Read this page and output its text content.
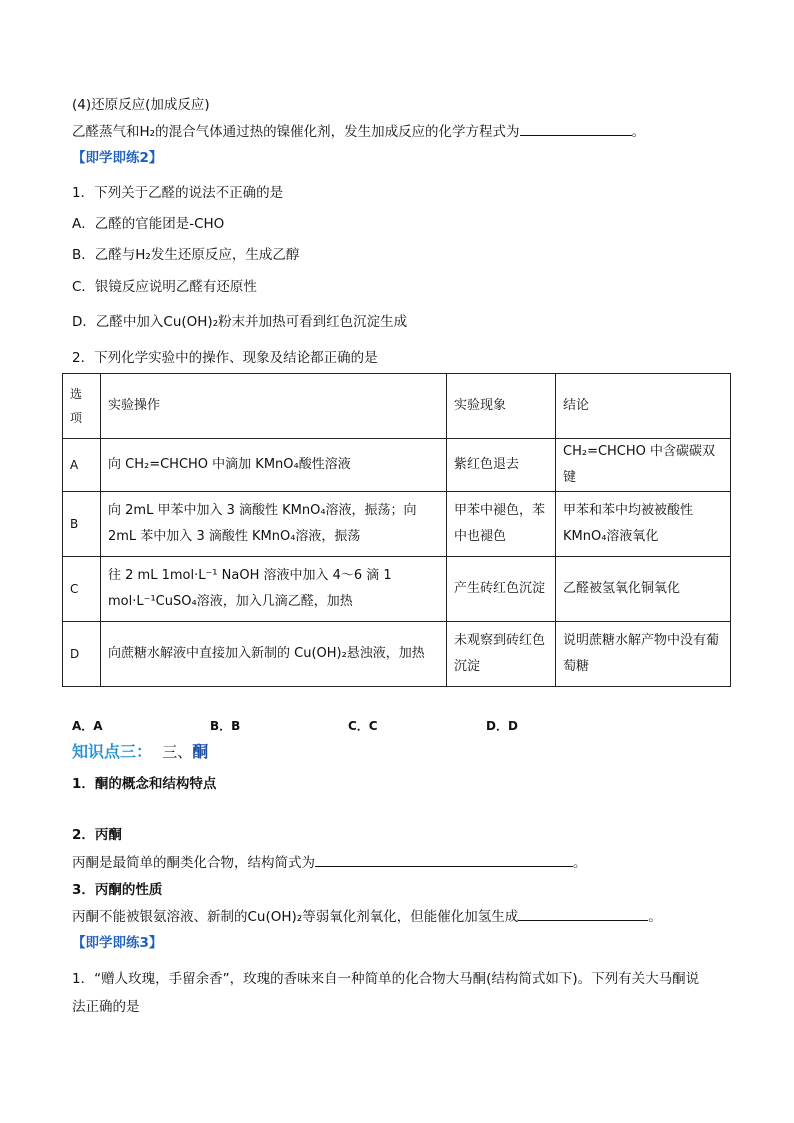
(4)还原反应(加成反应)
乙醛蒸气和H₂的混合气体通过热的镍催化剂，发生加成反应的化学方程式为	。
【即学即练2】
1．下列关于乙醛的说法不正确的是
A．乙醛的官能团是-CHO
B．乙醛与H₂发生还原反应，生成乙醇
C．银镜反应说明乙醛有还原性
D．乙醛中加入Cu(OH)₂粉末并加热可看到红色沉淀生成
2．下列化学实验中的操作、现象及结论都正确的是
选项	实验操作	实验现象	结论
A	向 CH₂=CHCHO 中滴加 KMnO₄酸性溶液	紫红色退去	CH₂=CHCHO 中含碳碳双键
B	向 2mL 甲苯中加入 3 滴酸性 KMnO₄溶液，振荡；向 2mL 苯中加入 3 滴酸性 KMnO₄溶液，振荡	甲苯中褪色，苯中也褪色	甲苯和苯中均被被酸性 KMnO₄溶液氧化
C	往 2 mL 1mol·L⁻¹ NaOH 溶液中加入 4～6 滴 1 mol·L⁻¹CuSO₄溶液，加入几滴乙醛，加热	产生砖红色沉淀	乙醛被氢氧化铜氧化
D	向蔗糖水解液中直接加入新制的 Cu(OH)₂悬浊液，加热	未观察到砖红色沉淀	说明蔗糖水解产物中没有葡萄糖
A．A	B．B	C．C	D．D
知识点三： 三、酮
1．酮的概念和结构特点
2．丙酮
丙酮是最简单的酮类化合物，结构简式为	。
3．丙酮的性质
丙酮不能被银氨溶液、新制的Cu(OH)₂等弱氧化剂氧化，但能催化加氢生成	。
【即学即练3】
1．“赠人玫瑰，手留余香”，玫瑰的香味来自一种简单的化合物大马酮(结构简式如下)。下列有关大马酮说
法正确的是
